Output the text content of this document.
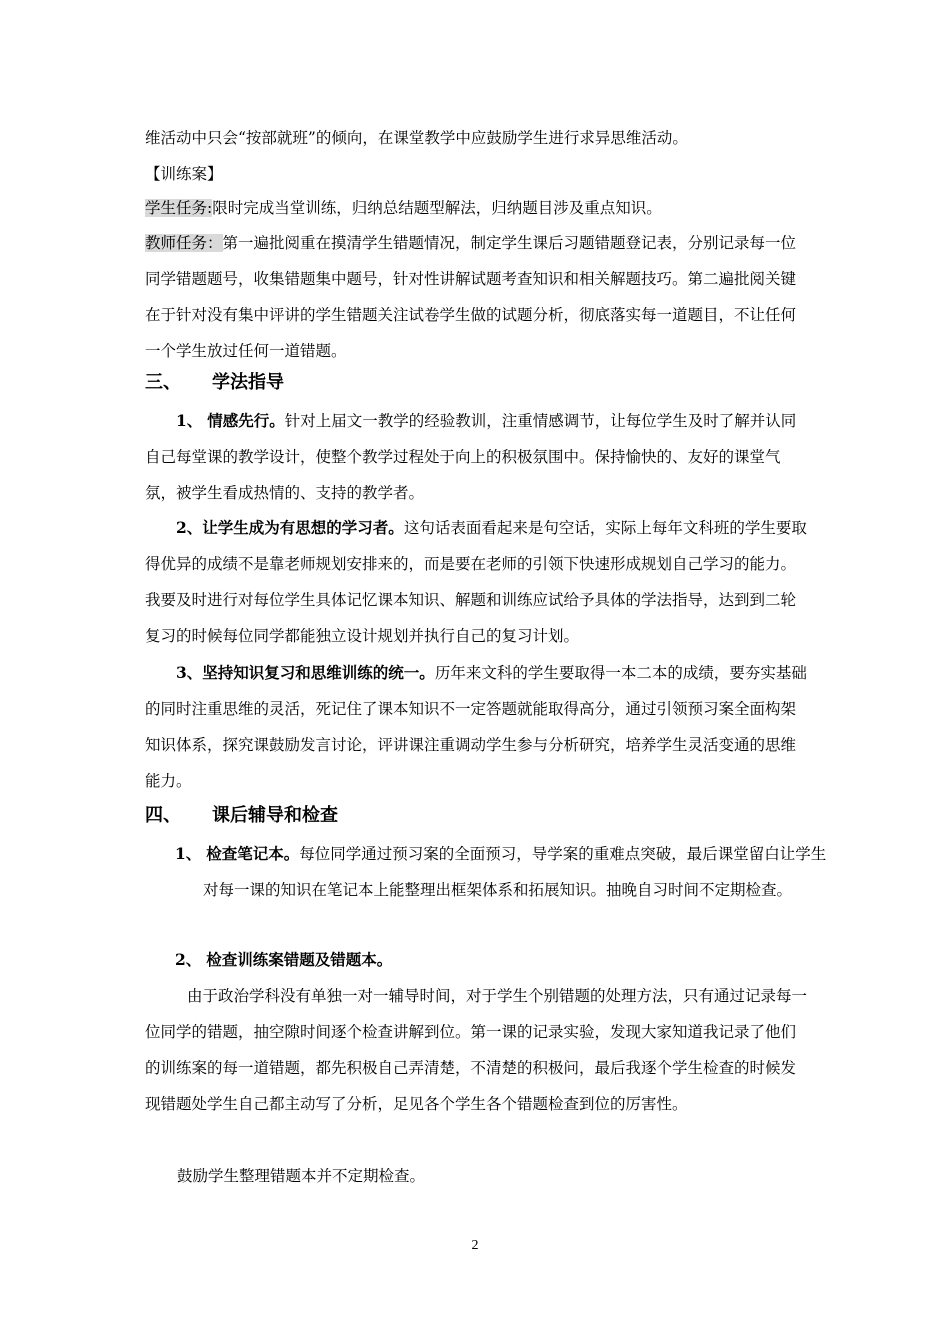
维活动中只会“按部就班”的倾向，在课堂教学中应鼓励学生进行求异思维活动。

【训练案】

学生任务:限时完成当堂训练，归纳总结题型解法，归纳题目涉及重点知识。

教师任务：第一遍批阅重在摸清学生错题情况，制定学生课后习题错题登记表，分别记录每一位同学错题题号，收集错题集中题号，针对性讲解试题考查知识和相关解题技巧。第二遍批阅关键在于针对没有集中评讲的学生错题关注试卷学生做的试题分析，彻底落实每一道题目，不让任何一个学生放过任何一道错题。

三、 学法指导

1、 情感先行。针对上届文一教学的经验教训，注重情感调节，让每位学生及时了解并认同自己每堂课的教学设计，使整个教学过程处于向上的积极氛围中。保持愉快的、友好的课堂气氛，被学生看成热情的、支持的教学者。

2、让学生成为有思想的学习者。这句话表面看起来是句空话，实际上每年文科班的学生要取得优异的成绩不是靠老师规划安排来的，而是要在老师的引领下快速形成规划自己学习的能力。我要及时进行对每位学生具体记忆课本知识、解题和训练应试给予具体的学法指导，达到到二轮复习的时候每位同学都能独立设计规划并执行自己的复习计划。

3、坚持知识复习和思维训练的统一。历年来文科的学生要取得一本二本的成绩，要夯实基础的同时注重思维的灵活，死记住了课本知识不一定答题就能取得高分，通过引领预习案全面构架知识体系，探究课鼓励发言讨论，评讲课注重调动学生参与分析研究，培养学生灵活变通的思维能力。

四、 课后辅导和检查

1、 检查笔记本。每位同学通过预习案的全面预习，导学案的重难点突破，最后课堂留白让学生对每一课的知识在笔记本上能整理出框架体系和拓展知识。抽晚自习时间不定期检查。

2、 检查训练案错题及错题本。

由于政治学科没有单独一对一辅导时间，对于学生个别错题的处理方法，只有通过记录每一位同学的错题，抽空隙时间逐个检查讲解到位。第一课的记录实验，发现大家知道我记录了他们的训练案的每一道错题，都先积极自己弄清楚，不清楚的积极问，最后我逐个学生检查的时候发现错题处学生自己都主动写了分析，足见各个学生各个错题检查到位的厉害性。

鼓励学生整理错题本并不定期检查。

2
